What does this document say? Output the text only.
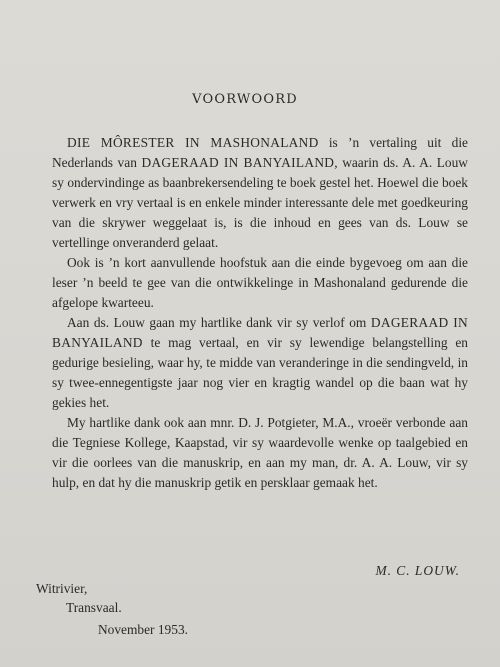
VOORWOORD

DIE MÔRESTER IN MASHONALAND is ’n vertaling uit die Nederlands van DAGERAAD IN BANYAILAND, waarin ds. A. A. Louw sy ondervindinge as baanbrekersendeling te boek gestel het. Hoewel die boek verwerk en vry vertaal is en enkele minder interessante dele met goedkeuring van die skrywer weggelaat is, is die inhoud en gees van ds. Louw se vertellinge onveranderd gelaat.

Ook is ’n kort aanvullende hoofstuk aan die einde bygevoeg om aan die leser ’n beeld te gee van die ontwikkelinge in Mashonaland gedurende die afgelope kwarteeu.

Aan ds. Louw gaan my hartlike dank vir sy verlof om DAGERAAD IN BANYAILAND te mag vertaal, en vir sy lewendige belangstelling en gedurige besieling, waar hy, te midde van veranderinge in die sendingveld, in sy twee-ennegentigste jaar nog vier en kragtig wandel op die baan wat hy gekies het.

My hartlike dank ook aan mnr. D. J. Potgieter, M.A., vroeër verbonde aan die Tegniese Kollege, Kaapstad, vir sy waardevolle wenke op taalgebied en vir die oorlees van die manuskrip, en aan my man, dr. A. A. Louw, vir sy hulp, en dat hy die manuskrip getik en persklaar gemaak het.

M. C. LOUW.
Witrivier,
Transvaal.
November 1953.
